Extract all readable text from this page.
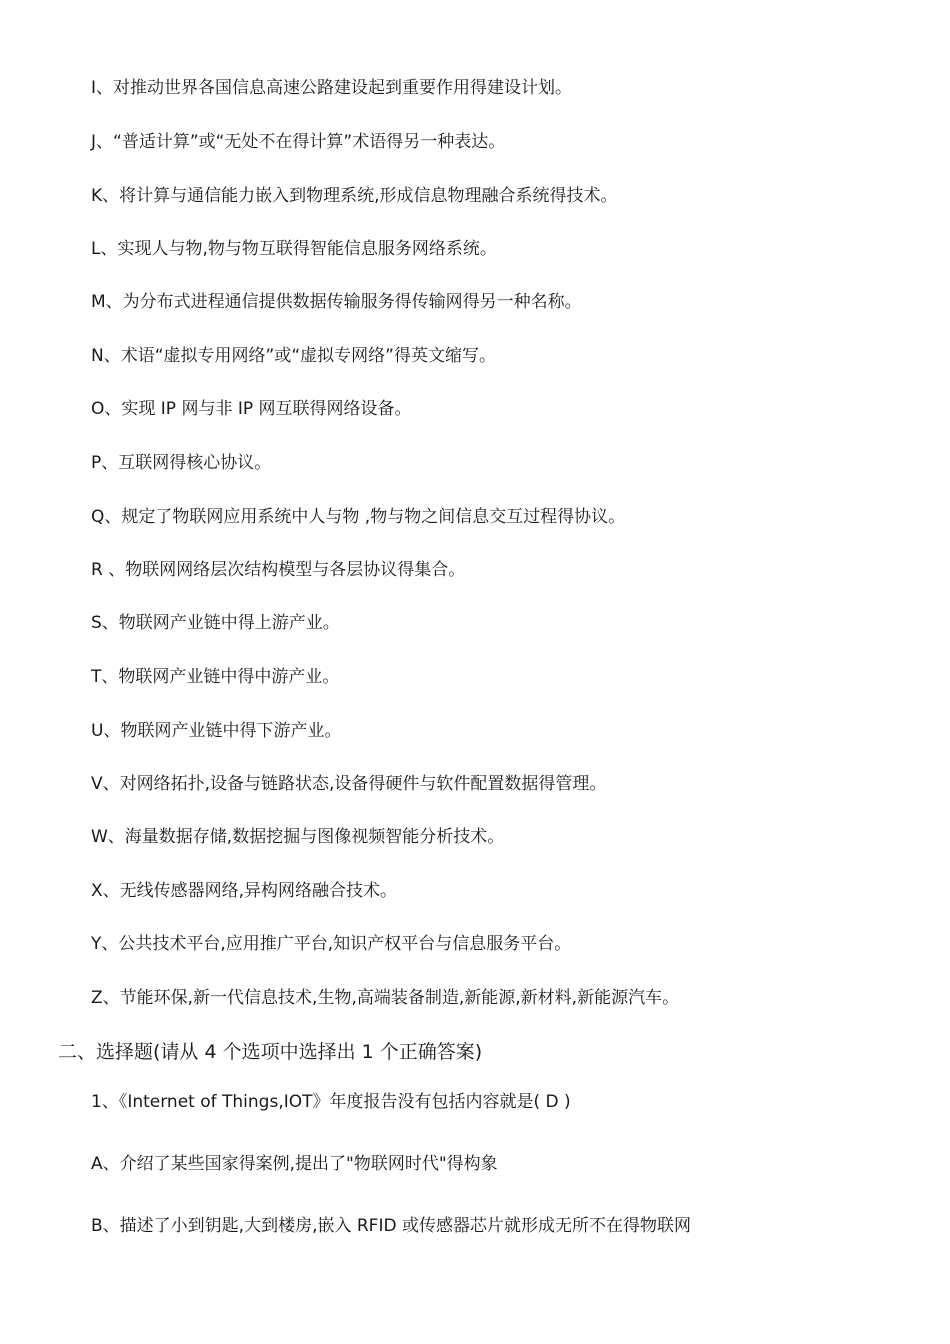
I、对推动世界各国信息高速公路建设起到重要作用得建设计划。
J、“普适计算”或“无处不在得计算”术语得另一种表达。
K、将计算与通信能力嵌入到物理系统,形成信息物理融合系统得技术。
L、实现人与物,物与物互联得智能信息服务网络系统。
M、为分布式进程通信提供数据传输服务得传输网得另一种名称。
N、术语“虚拟专用网络”或“虚拟专网络”得英文缩写。
O、实现 IP 网与非 IP 网互联得网络设备。
P、互联网得核心协议。
Q、规定了物联网应用系统中人与物 ,物与物之间信息交互过程得协议。
R 、物联网网络层次结构模型与各层协议得集合。
S、物联网产业链中得上游产业。
T、物联网产业链中得中游产业。
U、物联网产业链中得下游产业。
V、对网络拓扑,设备与链路状态,设备得硬件与软件配置数据得管理。
W、海量数据存储,数据挖掘与图像视频智能分析技术。
X、无线传感器网络,异构网络融合技术。
Y、公共技术平台,应用推广平台,知识产权平台与信息服务平台。
Z、节能环保,新一代信息技术,生物,高端装备制造,新能源,新材料,新能源汽车。
二、选择题(请从 4 个选项中选择出 1 个正确答案)
1、《Internet of Things,IOT》年度报告没有包括内容就是( D )
A、介绍了某些国家得案例,提出了"物联网时代"得构象
B、描述了小到钥匙,大到楼房,嵌入 RFID 或传感器芯片就形成无所不在得物联网
